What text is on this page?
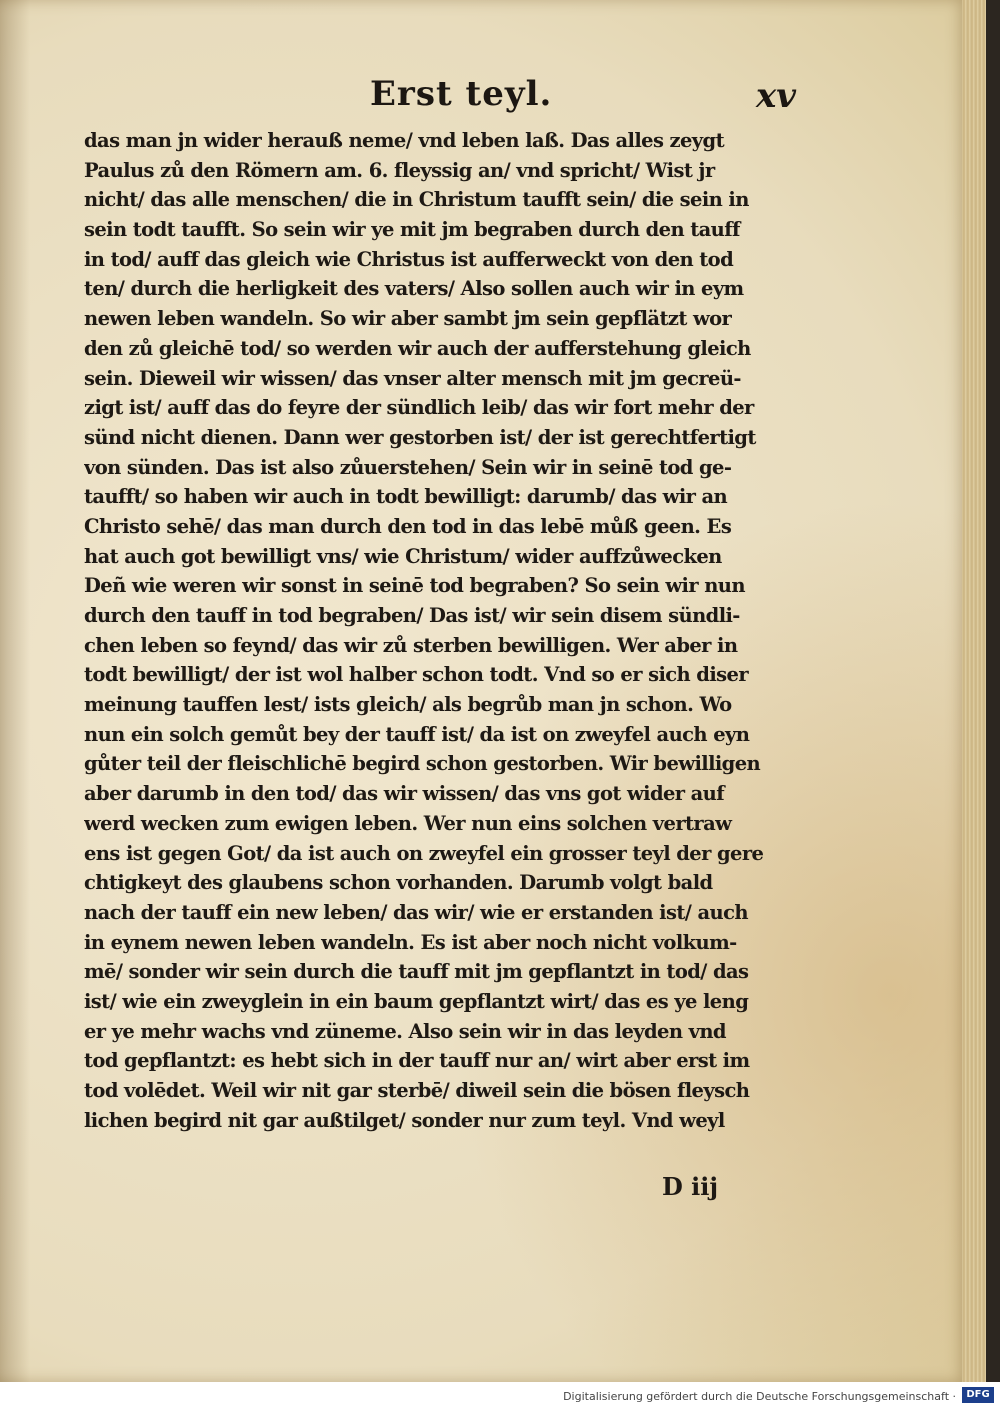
Erst teyl.	xv
das man jn wider herauß neme/ vnd leben laß. Das alles zeygt
Paulus zů den Römern am. 6. fleyssig an/ vnd spricht/ Wist jr
nicht/ das alle menschen/ die in Christum taufft sein/ die sein in
sein todt taufft. So sein wir ye mit jm begraben durch den tauff
in tod/ auff das gleich wie Christus ist aufferweckt von den tod
ten/ durch die herligkeit des vaters/ Also sollen auch wir in eym
newen leben wandeln. So wir aber sambt jm sein gepflätzt wor
den zů gleichē tod/ so werden wir auch der aufferstehung gleich
sein. Dieweil wir wissen/ das vnser alter mensch mit jm gecreü-
zigt ist/ auff das do feyre der sündlich leib/ das wir fort mehr der
sünd nicht dienen. Dann wer gestorben ist/ der ist gerechtfertigt
von sünden. Das ist also zůuerstehen/ Sein wir in seinē tod ge-
taufft/ so haben wir auch in todt bewilligt: darumb/ das wir an
Christo sehē/ das man durch den tod in das lebē můß geen. Es
hat auch got bewilligt vns/ wie Christum/ wider auffzůwecken
Deñ wie weren wir sonst in seinē tod begraben? So sein wir nun
durch den tauff in tod begraben/ Das ist/ wir sein disem sündli-
chen leben so feynd/ das wir zů sterben bewilligen. Wer aber in
todt bewilligt/ der ist wol halber schon todt. Vnd so er sich diser
meinung tauffen lest/ ists gleich/ als begrůb man jn schon. Wo
nun ein solch gemůt bey der tauff ist/ da ist on zweyfel auch eyn
gůter teil der fleischlichē begird schon gestorben. Wir bewilligen
aber darumb in den tod/ das wir wissen/ das vns got wider auf
werd wecken zum ewigen leben. Wer nun eins solchen vertraw
ens ist gegen Got/ da ist auch on zweyfel ein grosser teyl der gere
chtigkeyt des glaubens schon vorhanden. Darumb volgt bald
nach der tauff ein new leben/ das wir/ wie er erstanden ist/ auch
in eynem newen leben wandeln. Es ist aber noch nicht volkum-
mē/ sonder wir sein durch die tauff mit jm gepflantzt in tod/ das
ist/ wie ein zweyglein in ein baum gepflantzt wirt/ das es ye leng
er ye mehr wachs vnd züneme. Also sein wir in das leyden vnd
tod gepflantzt: es hebt sich in der tauff nur an/ wirt aber erst im
tod volēdet. Weil wir nit gar sterbē/ diweil sein die bösen fleysch
lichen begird nit gar außtilget/ sonder nur zum teyl. Vnd weyl
D iij
Digitalisierung gefördert durch die Deutsche Forschungsgemeinschaft ·	DFG
